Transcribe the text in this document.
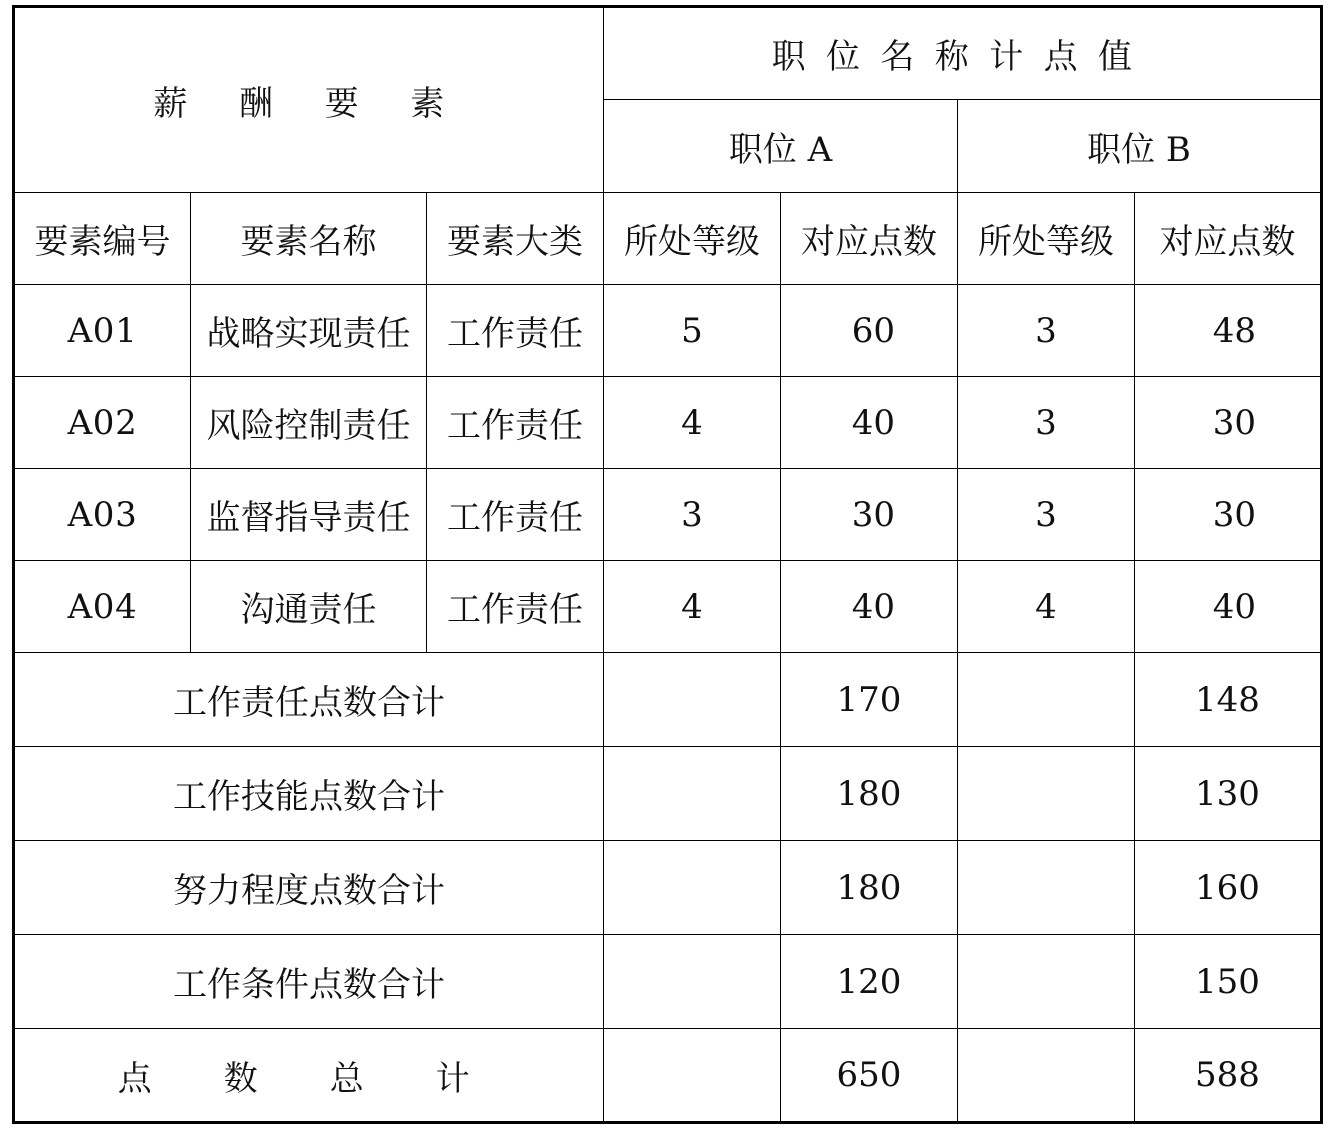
薪 酬 要 素			职位名称计点值			
			职位 A		职位 B	
要素编号	要素名称	要素大类	所处等级	对应点数	所处等级	对应点数
A01	战略实现责任	工作责任	5	60	3	48
A02	风险控制责任	工作责任	4	40	3	30
A03	监督指导责任	工作责任	3	30	3	30
A04	沟通责任	工作责任	4	40	4	40
工作责任点数合计				170		148
工作技能点数合计				180		130
努力程度点数合计				180		160
工作条件点数合计				120		150
点 数 总 计				650		588
